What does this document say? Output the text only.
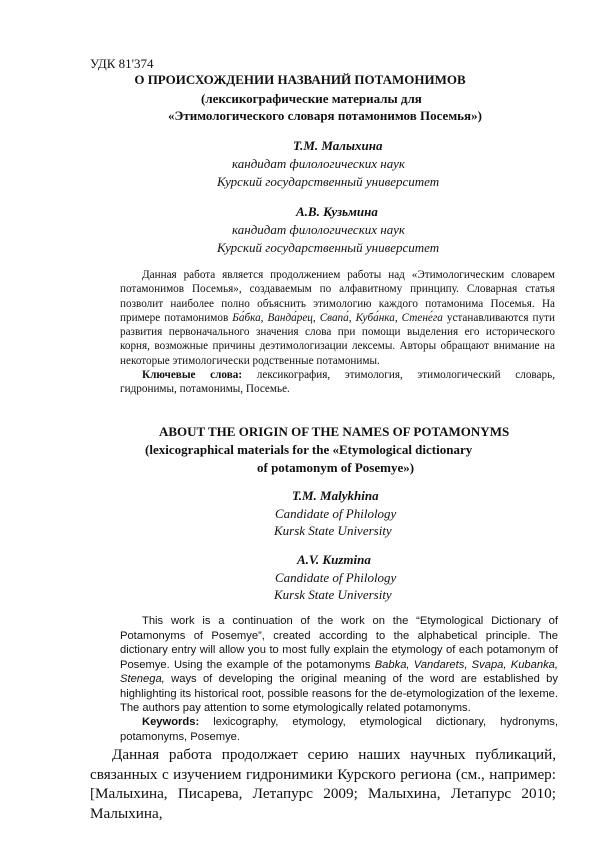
УДК 81'374
О ПРОИСХОЖДЕНИИ НАЗВАНИЙ ПОТАМОНИМОВ
(лексикографические материалы для
«Этимологического словаря потамонимов Посемья»)
Т.М. Малыхина
кандидат филологических наук
Курский государственный университет
А.В. Кузьмина
кандидат филологических наук
Курский государственный университет
Данная работа является продолжением работы над «Этимологическим словарем потамонимов Посемья», создаваемым по алфавитному принципу. Словарная статья позволит наиболее полно объяснить этимологию каждого потамонима Посемья. На примере потамонимов Ба́бка, Ванда́рец, Свапа́, Куба́нка, Стене́га устанавливаются пути развития первоначального значения слова при помощи выделения его исторического корня, возможные причины деэтимологизации лексемы. Авторы обращают внимание на некоторые этимологически родственные потамонимы.
Ключевые слова: лексикография, этимология, этимологический словарь, гидронимы, потамонимы, Посемье.
ABOUT THE ORIGIN OF THE NAMES OF POTAMONYMS
(lexicographical materials for the «Etymological dictionary
of potamonym of Posemye»)
T.M. Malykhina
Candidate of Philology
Kursk State University
A.V. Kuzmina
Candidate of Philology
Kursk State University
This work is a continuation of the work on the “Etymological Dictionary of Potamonyms of Posemye”, created according to the alphabetical principle. The dictionary entry will allow you to most fully explain the etymology of each potamonym of Posemye. Using the example of the potamonyms Babka, Vandarets, Svapa, Kubanka, Stenega, ways of developing the original meaning of the word are established by highlighting its historical root, possible reasons for the de-etymologization of the lexeme. The authors pay attention to some etymologically related potamonyms.
Keywords: lexicography, etymology, etymological dictionary, hydronyms, potamonyms, Posemye.
Данная работа продолжает серию наших научных публикаций, связанных с изучением гидронимики Курского региона (см., например: [Малыхина, Писарева, Летапурс 2009; Малыхина, Летапурс 2010; Малыхина,
